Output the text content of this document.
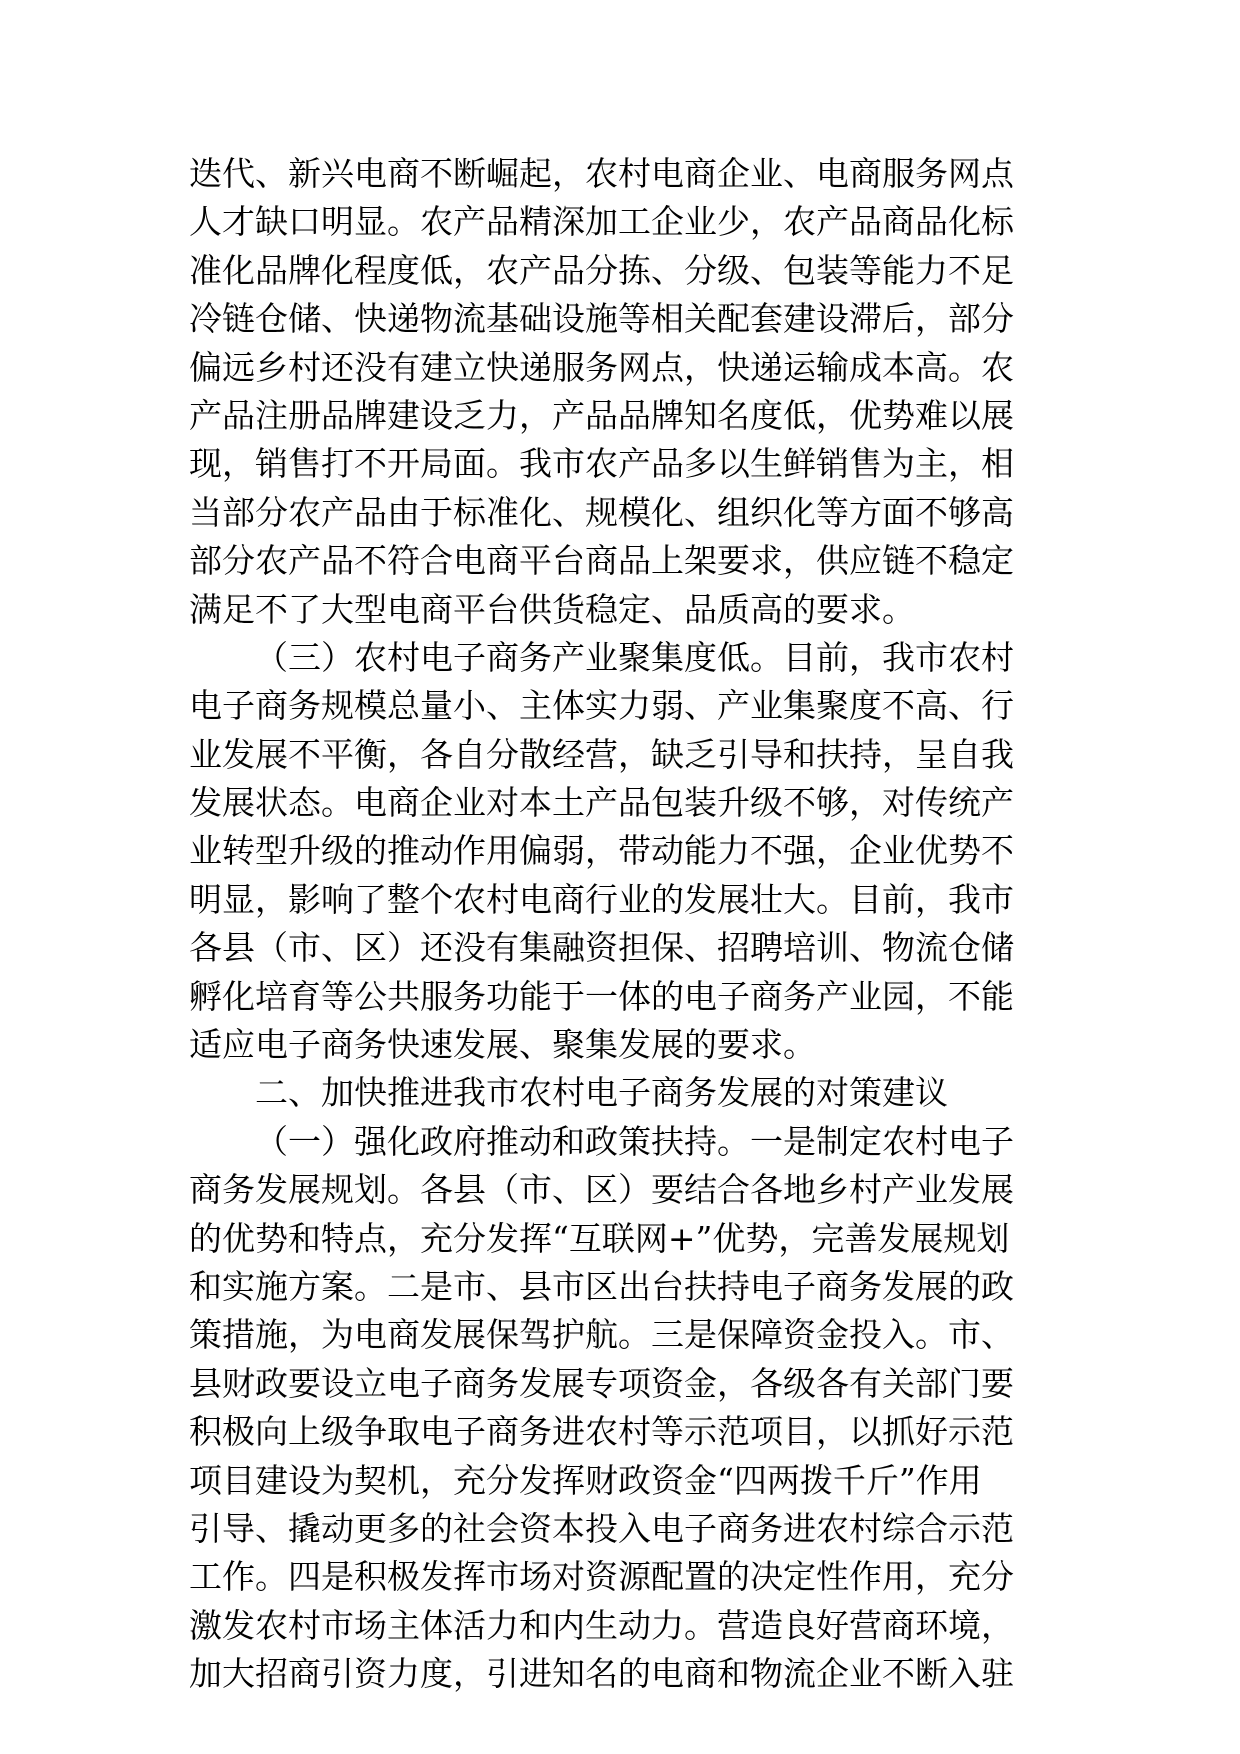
迭代、新兴电商不断崛起，农村电商企业、电商服务网点
人才缺口明显。农产品精深加工企业少，农产品商品化标
准化品牌化程度低，农产品分拣、分级、包装等能力不足
冷链仓储、快递物流基础设施等相关配套建设滞后，部分
偏远乡村还没有建立快递服务网点，快递运输成本高。农
产品注册品牌建设乏力，产品品牌知名度低，优势难以展
现，销售打不开局面。我市农产品多以生鲜销售为主，相
当部分农产品由于标准化、规模化、组织化等方面不够高
部分农产品不符合电商平台商品上架要求，供应链不稳定
满足不了大型电商平台供货稳定、品质高的要求。
（三）农村电子商务产业聚集度低。目前，我市农村
电子商务规模总量小、主体实力弱、产业集聚度不高、行
业发展不平衡，各自分散经营，缺乏引导和扶持，呈自我
发展状态。电商企业对本土产品包装升级不够，对传统产
业转型升级的推动作用偏弱，带动能力不强，企业优势不
明显，影响了整个农村电商行业的发展壮大。目前，我市
各县（市、区）还没有集融资担保、招聘培训、物流仓储
孵化培育等公共服务功能于一体的电子商务产业园，不能
适应电子商务快速发展、聚集发展的要求。
二、加快推进我市农村电子商务发展的对策建议
（一）强化政府推动和政策扶持。一是制定农村电子
商务发展规划。各县（市、区）要结合各地乡村产业发展
的优势和特点，充分发挥“互联网+”优势，完善发展规划
和实施方案。二是市、县市区出台扶持电子商务发展的政
策措施，为电商发展保驾护航。三是保障资金投入。市、
县财政要设立电子商务发展专项资金，各级各有关部门要
积极向上级争取电子商务进农村等示范项目，以抓好示范
项目建设为契机，充分发挥财政资金“四两拨千斤”作用
引导、撬动更多的社会资本投入电子商务进农村综合示范
工作。四是积极发挥市场对资源配置的决定性作用，充分
激发农村市场主体活力和内生动力。营造良好营商环境，
加大招商引资力度，引进知名的电商和物流企业不断入驻
